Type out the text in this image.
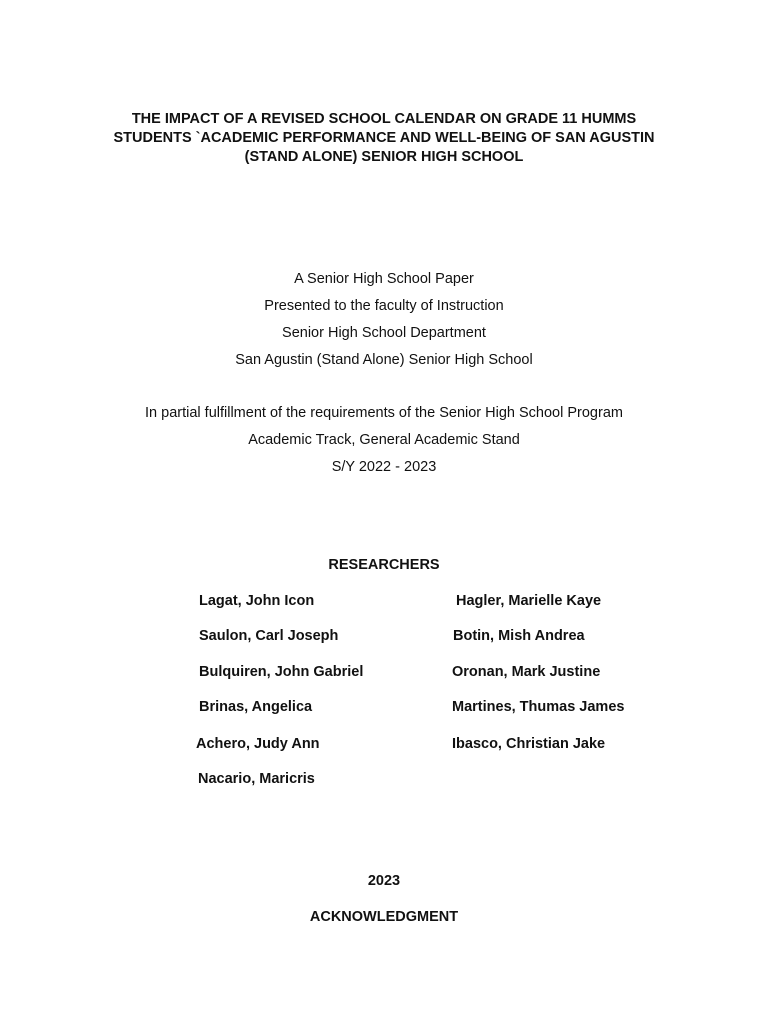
THE IMPACT OF A REVISED SCHOOL CALENDAR ON GRADE 11 HUMMS
STUDENTS `ACADEMIC PERFORMANCE AND WELL-BEING OF SAN AGUSTIN
(STAND ALONE) SENIOR HIGH SCHOOL
A Senior High School Paper
Presented to the faculty of Instruction
Senior High School Department
San Agustin (Stand Alone) Senior High School
In partial fulfillment of the requirements of the Senior High School Program
Academic Track, General Academic Stand
S/Y 2022 - 2023
RESEARCHERS
Lagat, John Icon
Saulon, Carl Joseph
Bulquiren, John Gabriel
Brinas, Angelica
Achero, Judy Ann
Nacario, Maricris
Hagler, Marielle Kaye
Botin, Mish Andrea
Oronan, Mark Justine
Martines, Thumas James
Ibasco, Christian Jake
2023
ACKNOWLEDGMENT
